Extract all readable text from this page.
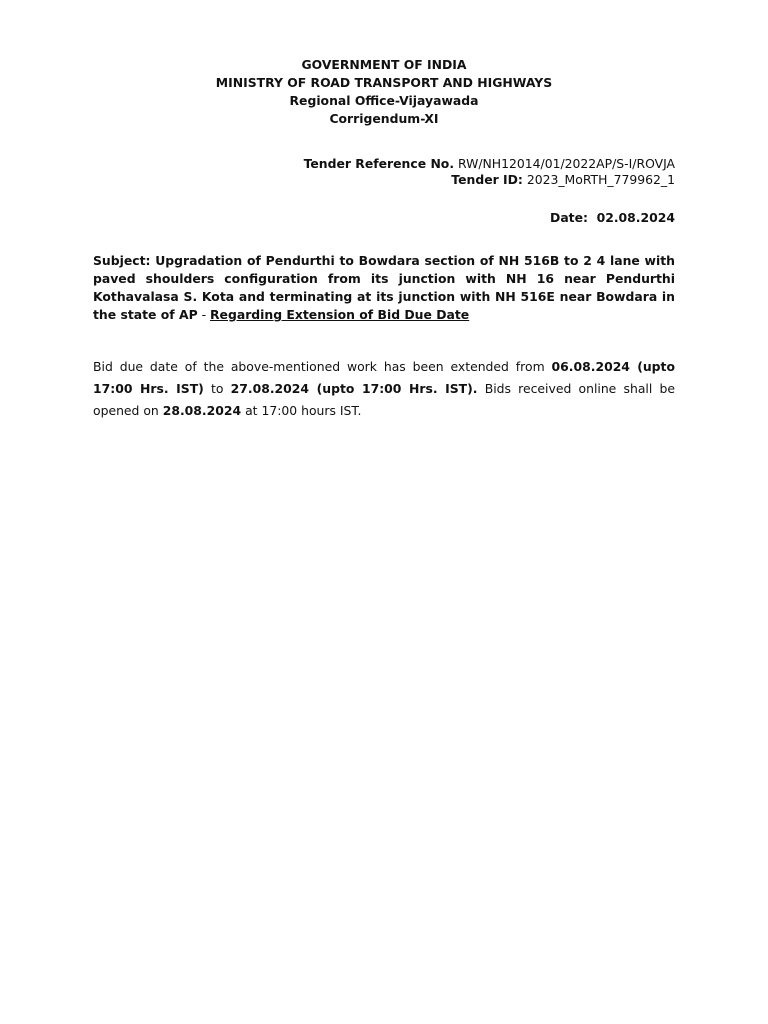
GOVERNMENT OF INDIA
MINISTRY OF ROAD TRANSPORT AND HIGHWAYS
Regional Office-Vijayawada
Corrigendum-XI
Tender Reference No. RW/NH12014/01/2022AP/S-I/ROVJA
Tender ID: 2023_MoRTH_779962_1
Date: 02.08.2024
Subject: Upgradation of Pendurthi to Bowdara section of NH 516B to 2 4 lane with paved shoulders configuration from its junction with NH 16 near Pendurthi Kothavalasa S. Kota and terminating at its junction with NH 516E near Bowdara in the state of AP - Regarding Extension of Bid Due Date
Bid due date of the above-mentioned work has been extended from 06.08.2024 (upto 17:00 Hrs. IST) to 27.08.2024 (upto 17:00 Hrs. IST). Bids received online shall be opened on 28.08.2024 at 17:00 hours IST.
